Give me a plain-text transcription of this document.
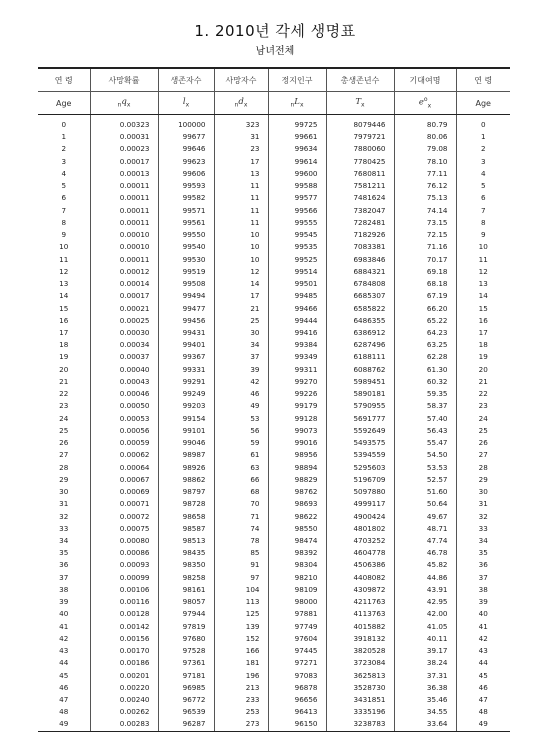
1. 2010년 각세 생명표
남녀전체
연 령	사망확률	생존자수	사망자수	정지인구	총생존년수	기대여명	연 령
Age	$_nq_x$	$l_x$	$_nd_x$	$_nL_x$	$T_x$	$e^o_x$	Age
0	0.00323	100000	323	99725	8079446	80.79	0
1	0.00031	99677	31	99661	7979721	80.06	1
2	0.00023	99646	23	99634	7880060	79.08	2
3	0.00017	99623	17	99614	7780425	78.10	3
4	0.00013	99606	13	99600	7680811	77.11	4
5	0.00011	99593	11	99588	7581211	76.12	5
6	0.00011	99582	11	99577	7481624	75.13	6
7	0.00011	99571	11	99566	7382047	74.14	7
8	0.00011	99561	11	99555	7282481	73.15	8
9	0.00010	99550	10	99545	7182926	72.15	9
10	0.00010	99540	10	99535	7083381	71.16	10
11	0.00011	99530	10	99525	6983846	70.17	11
12	0.00012	99519	12	99514	6884321	69.18	12
13	0.00014	99508	14	99501	6784808	68.18	13
14	0.00017	99494	17	99485	6685307	67.19	14
15	0.00021	99477	21	99466	6585822	66.20	15
16	0.00025	99456	25	99444	6486355	65.22	16
17	0.00030	99431	30	99416	6386912	64.23	17
18	0.00034	99401	34	99384	6287496	63.25	18
19	0.00037	99367	37	99349	6188111	62.28	19
20	0.00040	99331	39	99311	6088762	61.30	20
21	0.00043	99291	42	99270	5989451	60.32	21
22	0.00046	99249	46	99226	5890181	59.35	22
23	0.00050	99203	49	99179	5790955	58.37	23
24	0.00053	99154	53	99128	5691777	57.40	24
25	0.00056	99101	56	99073	5592649	56.43	25
26	0.00059	99046	59	99016	5493575	55.47	26
27	0.00062	98987	61	98956	5394559	54.50	27
28	0.00064	98926	63	98894	5295603	53.53	28
29	0.00067	98862	66	98829	5196709	52.57	29
30	0.00069	98797	68	98762	5097880	51.60	30
31	0.00071	98728	70	98693	4999117	50.64	31
32	0.00072	98658	71	98622	4900424	49.67	32
33	0.00075	98587	74	98550	4801802	48.71	33
34	0.00080	98513	78	98474	4703252	47.74	34
35	0.00086	98435	85	98392	4604778	46.78	35
36	0.00093	98350	91	98304	4506386	45.82	36
37	0.00099	98258	97	98210	4408082	44.86	37
38	0.00106	98161	104	98109	4309872	43.91	38
39	0.00116	98057	113	98000	4211763	42.95	39
40	0.00128	97944	125	97881	4113763	42.00	40
41	0.00142	97819	139	97749	4015882	41.05	41
42	0.00156	97680	152	97604	3918132	40.11	42
43	0.00170	97528	166	97445	3820528	39.17	43
44	0.00186	97361	181	97271	3723084	38.24	44
45	0.00201	97181	196	97083	3625813	37.31	45
46	0.00220	96985	213	96878	3528730	36.38	46
47	0.00240	96772	233	96656	3431851	35.46	47
48	0.00262	96539	253	96413	3335196	34.55	48
49	0.00283	96287	273	96150	3238783	33.64	49
